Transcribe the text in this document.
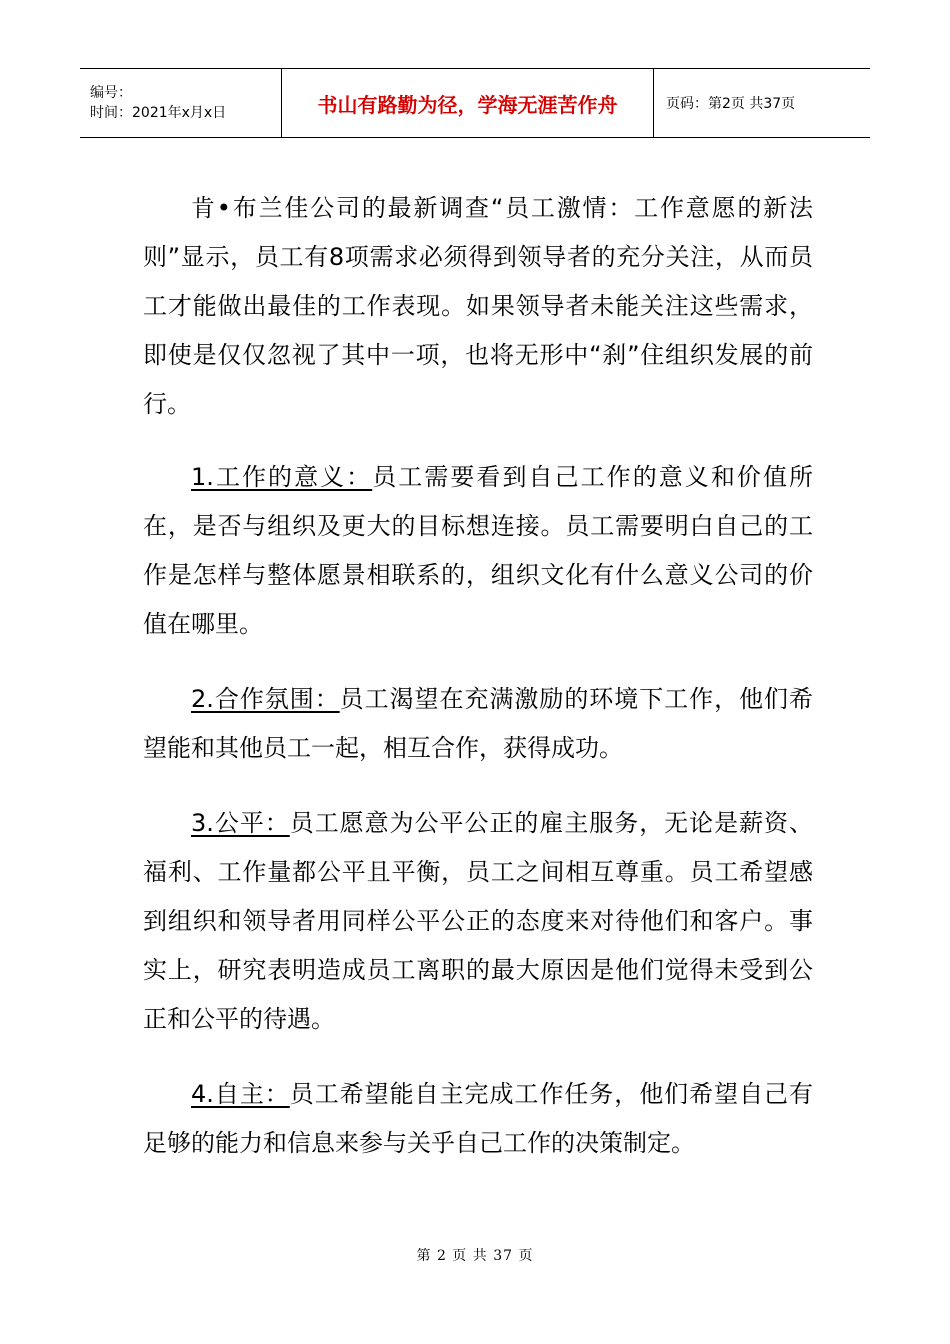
编号：
时间：2021年x月x日	书山有路勤为径，学海无涯苦作舟	页码：第2页 共37页

肯•布兰佳公司的最新调查“员工激情：工作意愿的新法则”显示，员工有8项需求必须得到领导者的充分关注，从而员工才能做出最佳的工作表现。如果领导者未能关注这些需求，即使是仅仅忽视了其中一项，也将无形中“刹”住组织发展的前行。

1.工作的意义：员工需要看到自己工作的意义和价值所在，是否与组织及更大的目标想连接。员工需要明白自己的工作是怎样与整体愿景相联系的，组织文化有什么意义公司的价值在哪里。

2.合作氛围：员工渴望在充满激励的环境下工作，他们希望能和其他员工一起，相互合作，获得成功。

3.公平：员工愿意为公平公正的雇主服务，无论是薪资、福利、工作量都公平且平衡，员工之间相互尊重。员工希望感到组织和领导者用同样公平公正的态度来对待他们和客户。事实上，研究表明造成员工离职的最大原因是他们觉得未受到公正和公平的待遇。

4.自主：员工希望能自主完成工作任务，他们希望自己有足够的能力和信息来参与关乎自己工作的决策制定。

第 2 页 共 37 页
